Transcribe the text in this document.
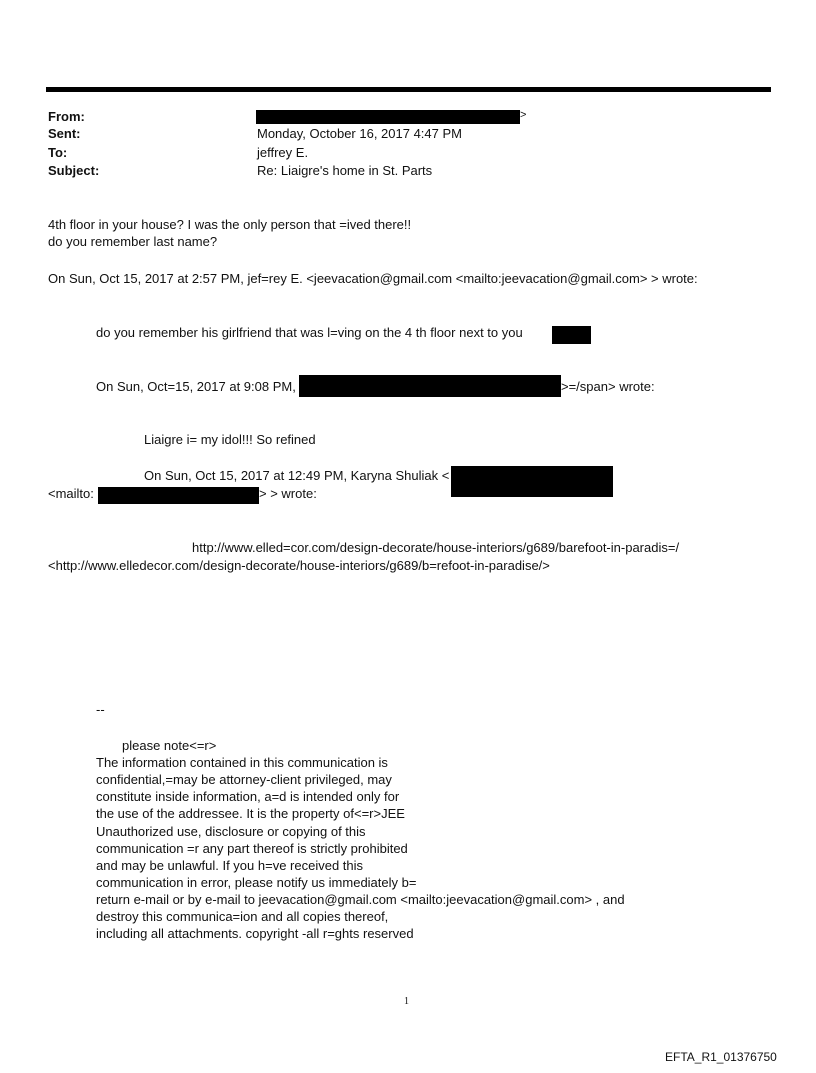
From:
Sent:
To:
Subject:
>
Monday, October 16, 2017 4:47 PM
jeffrey E.
Re: Liaigre's home in St. Parts
4th floor in your house? I was the only person that =ived there!!
do you remember last name?
On Sun, Oct 15, 2017 at 2:57 PM, jef=rey E. <jeevacation@gmail.com <mailto:jeevacation@gmail.com> > wrote:
do you remember his girlfriend that was l=ving on the 4 th floor next to you
On Sun, Oct=15, 2017 at 9:08 PM,	>=/span> wrote:
Liaigre i= my idol!!! So refined
On Sun, Oct 15, 2017 at 12:49 PM, Karyna Shuliak <
<mailto:	> > wrote:
http://www.elled=cor.com/design-decorate/house-interiors/g689/barefoot-in-paradis=/
<http://www.elledecor.com/design-decorate/house-interiors/g689/b=refoot-in-paradise/>
--
please note<=r>
The information contained in this communication is
confidential,=may be attorney-client privileged, may
constitute inside information, a=d is intended only for
the use of the addressee. It is the property of<=r>JEE
Unauthorized use, disclosure or copying of this
communication =r any part thereof is strictly prohibited
and may be unlawful. If you h=ve received this
communication in error, please notify us immediately b=
return e-mail or by e-mail to jeevacation@gmail.com <mailto:jeevacation@gmail.com> , and
destroy this communica=ion and all copies thereof,
including all attachments. copyright -all r=ghts reserved
1
EFTA_R1_01376750
